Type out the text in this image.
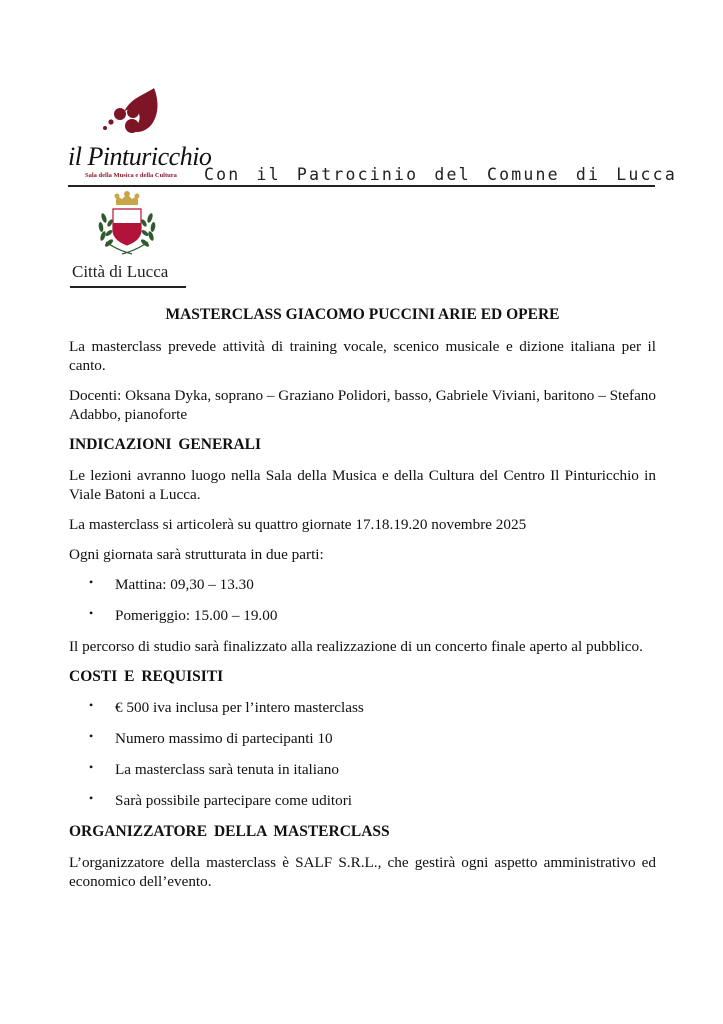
il Pinturicchio
Sala della Musica e della Cultura Con il Patrocinio del Comune di Lucca
Città di Lucca
MASTERCLASS GIACOMO PUCCINI ARIE ED OPERE

La masterclass prevede attività di training vocale, scenico musicale e dizione italiana per il canto.

Docenti: Oksana Dyka, soprano – Graziano Polidori, basso, Gabriele Viviani, baritono – Stefano Adabbo, pianoforte

INDICAZIONI GENERALI

Le lezioni avranno luogo nella Sala della Musica e della Cultura del Centro Il Pinturicchio in Viale Batoni a Lucca.

La masterclass si articolerà su quattro giornate 17.18.19.20 novembre 2025

Ogni giornata sarà strutturata in due parti:

• Mattina: 09,30 – 13.30
• Pomeriggio: 15.00 – 19.00

Il percorso di studio sarà finalizzato alla realizzazione di un concerto finale aperto al pubblico.

COSTI E REQUISITI
• € 500 iva inclusa per l’intero masterclass
• Numero massimo di partecipanti 10
• La masterclass sarà tenuta in italiano
• Sarà possibile partecipare come uditori
ORGANIZZATORE DELLA MASTERCLASS

L’organizzatore della masterclass è SALF S.R.L., che gestirà ogni aspetto amministrativo ed economico dell’evento.
